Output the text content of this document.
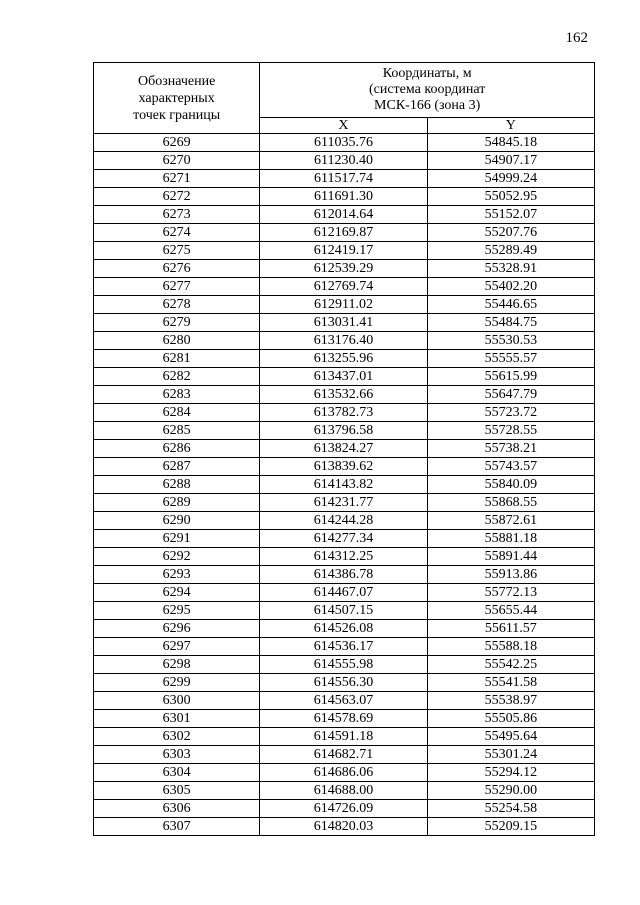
162
Обозначение
характерных
точек границы	Координаты, м
(система координат
МСК-166 (зона 3)	

	X	Y
6269	611035.76	54845.18
6270	611230.40	54907.17
6271	611517.74	54999.24
6272	611691.30	55052.95
6273	612014.64	55152.07
6274	612169.87	55207.76
6275	612419.17	55289.49
6276	612539.29	55328.91
6277	612769.74	55402.20
6278	612911.02	55446.65
6279	613031.41	55484.75
6280	613176.40	55530.53
6281	613255.96	55555.57
6282	613437.01	55615.99
6283	613532.66	55647.79
6284	613782.73	55723.72
6285	613796.58	55728.55
6286	613824.27	55738.21
6287	613839.62	55743.57
6288	614143.82	55840.09
6289	614231.77	55868.55
6290	614244.28	55872.61
6291	614277.34	55881.18
6292	614312.25	55891.44
6293	614386.78	55913.86
6294	614467.07	55772.13
6295	614507.15	55655.44
6296	614526.08	55611.57
6297	614536.17	55588.18
6298	614555.98	55542.25
6299	614556.30	55541.58
6300	614563.07	55538.97
6301	614578.69	55505.86
6302	614591.18	55495.64
6303	614682.71	55301.24
6304	614686.06	55294.12
6305	614688.00	55290.00
6306	614726.09	55254.58
6307	614820.03	55209.15
